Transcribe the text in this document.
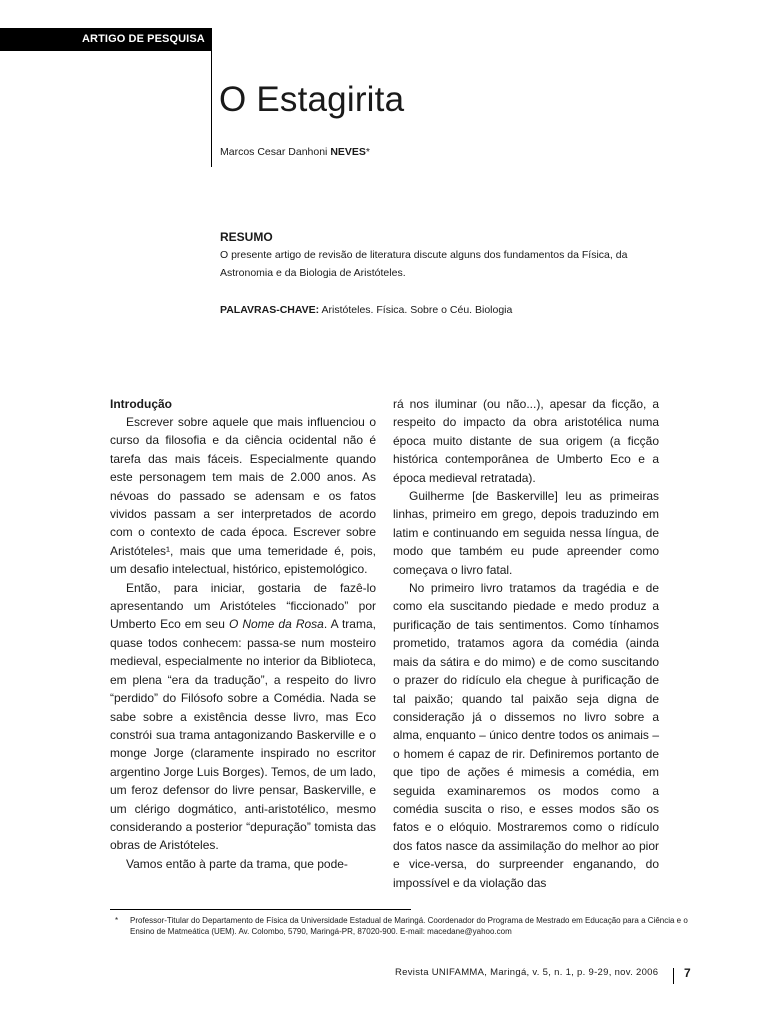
ARTIGO DE PESQUISA
O Estagirita
Marcos Cesar Danhoni NEVES*
RESUMO

O presente artigo de revisão de literatura discute alguns dos fundamentos da Física, da Astronomia e da Biologia de Aristóteles.

PALAVRAS-CHAVE: Aristóteles. Física. Sobre o Céu. Biologia

Introdução

Escrever sobre aquele que mais influenciou o curso da filosofia e da ciência ocidental não é tarefa das mais fáceis. Especialmente quando este personagem tem mais de 2.000 anos. As névoas do passado se adensam e os fatos vividos passam a ser interpretados de acordo com o contexto de cada época. Escrever sobre Aristóteles¹, mais que uma temeridade é, pois, um desafio intelectual, histórico, epistemológico.

Então, para iniciar, gostaria de fazê-lo apresentando um Aristóteles “ficcionado” por Umberto Eco em seu O Nome da Rosa. A trama, quase todos conhecem: passa-se num mosteiro medieval, especialmente no interior da Biblioteca, em plena “era da tradução”, a respeito do livro “perdido” do Filósofo sobre a Comédia. Nada se sabe sobre a existência desse livro, mas Eco constrói sua trama antagonizando Baskerville e o monge Jorge (claramente inspirado no escritor argentino Jorge Luis Borges). Temos, de um lado, um feroz defensor do livre pensar, Baskerville, e um clérigo dogmático, anti-aristotélico, mesmo considerando a posterior “depuração” tomista das obras de Aristóteles.

Vamos então à parte da trama, que pode-

rá nos iluminar (ou não...), apesar da ficção, a respeito do impacto da obra aristotélica numa época muito distante de sua origem (a ficção histórica contemporânea de Umberto Eco e a época medieval retratada).

Guilherme [de Baskerville] leu as primeiras linhas, primeiro em grego, depois traduzindo em latim e continuando em seguida nessa língua, de modo que também eu pude apreender como começava o livro fatal.

No primeiro livro tratamos da tragédia e de como ela suscitando piedade e medo produz a purificação de tais sentimentos. Como tínhamos prometido, tratamos agora da comédia (ainda mais da sátira e do mimo) e de como suscitando o prazer do ridículo ela chegue à purificação de tal paixão; quando tal paixão seja digna de consideração já o dissemos no livro sobre a alma, enquanto – único dentre todos os animais – o homem é capaz de rir. Definiremos portanto de que tipo de ações é mimesis a comédia, em seguida examinaremos os modos como a comédia suscita o riso, e esses modos são os fatos e o elóquio. Mostraremos como o ridículo dos fatos nasce da assimilação do melhor ao pior e vice-versa, do surpreender enganando, do impossível e da violação das

* Professor-Titular do Departamento de Física da Universidade Estadual de Maringá. Coordenador do Programa de Mestrado em Educação para a Ciência e o Ensino de Matmeática (UEM). Av. Colombo, 5790, Maringá-PR, 87020-900. E-mail: macedane@yahoo.com
Revista UNIFAMMA, Maringá, v. 5, n. 1, p. 9-29, nov. 2006 7
